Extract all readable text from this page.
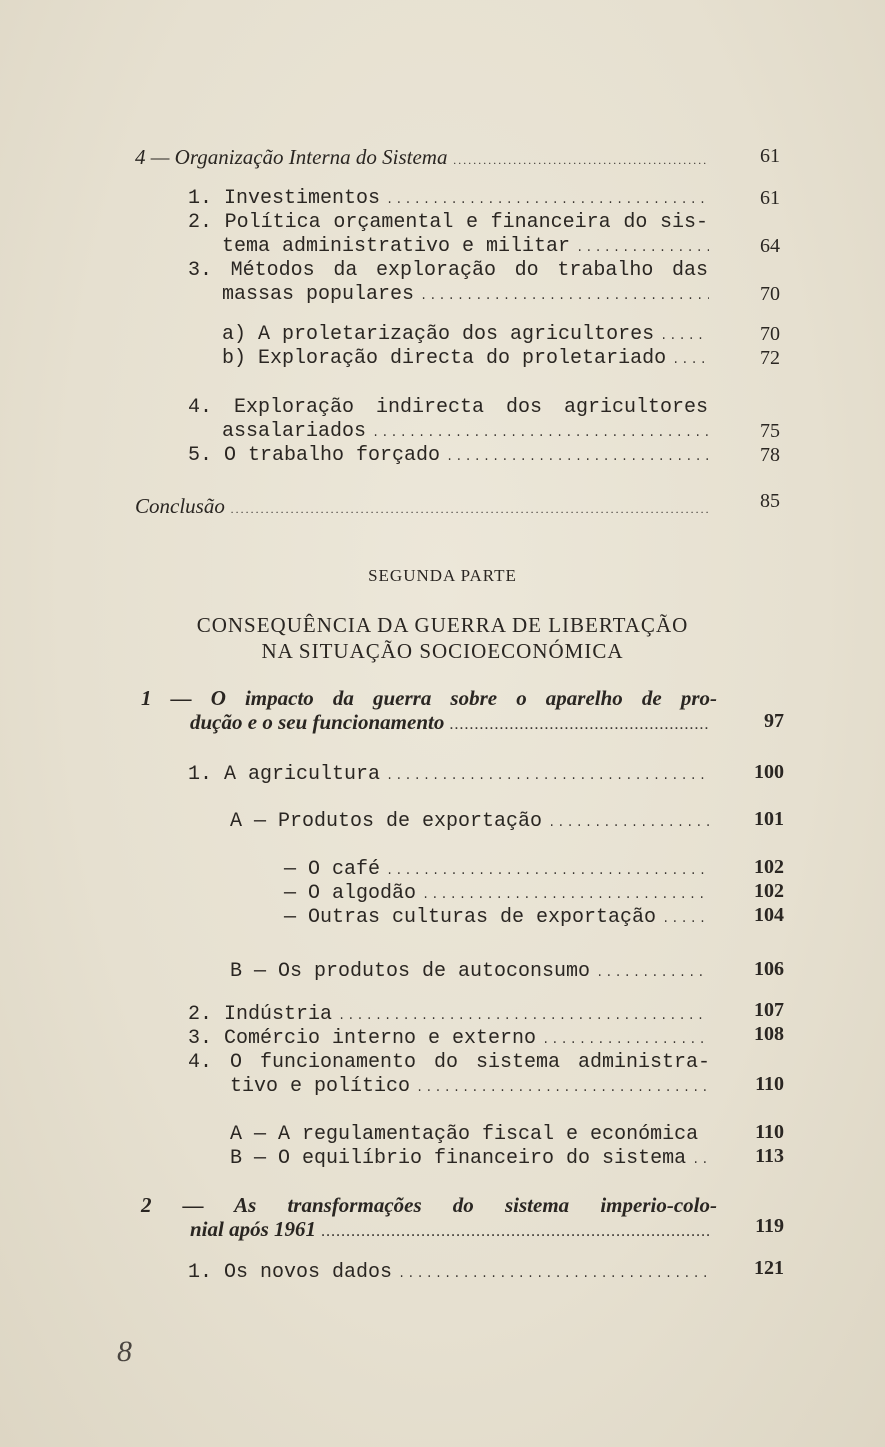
4 — Organização Interna do Sistema .....	61
1. Investimentos .....	61
2. Política orçamental e financeira do sis-
tema administrativo e militar .....	64
3. Métodos da exploração do trabalho das
massas populares .....	70
a) A proletarização dos agricultores .....	70
b) Exploração directa do proletariado .....	72
4. Exploração indirecta dos agricultores
assalariados .....	75
5. O trabalho forçado .....	78
Conclusão .....	85
SEGUNDA PARTE
CONSEQUÊNCIA DA GUERRA DE LIBERTAÇÃO
NA SITUAÇÃO SOCIOECONÓMICA
1 — O impacto da guerra sobre o aparelho de pro-
dução e o seu funcionamento .....	97
1. A agricultura .....	100
A — Produtos de exportação .....	101
— O café .....	102
— O algodão .....	102
— Outras culturas de exportação .....	104
B — Os produtos de autoconsumo .....	106
2. Indústria .....	107
3. Comércio interno e externo .....	108
4. O funcionamento do sistema administra-
tivo e político .....	110
A — A regulamentação fiscal e económica	110
B — O equilíbrio financeiro do sistema .....	113
2 — As transformações do sistema imperio-colo-
nial após 1961 .....	119
1. Os novos dados .....	121
8
